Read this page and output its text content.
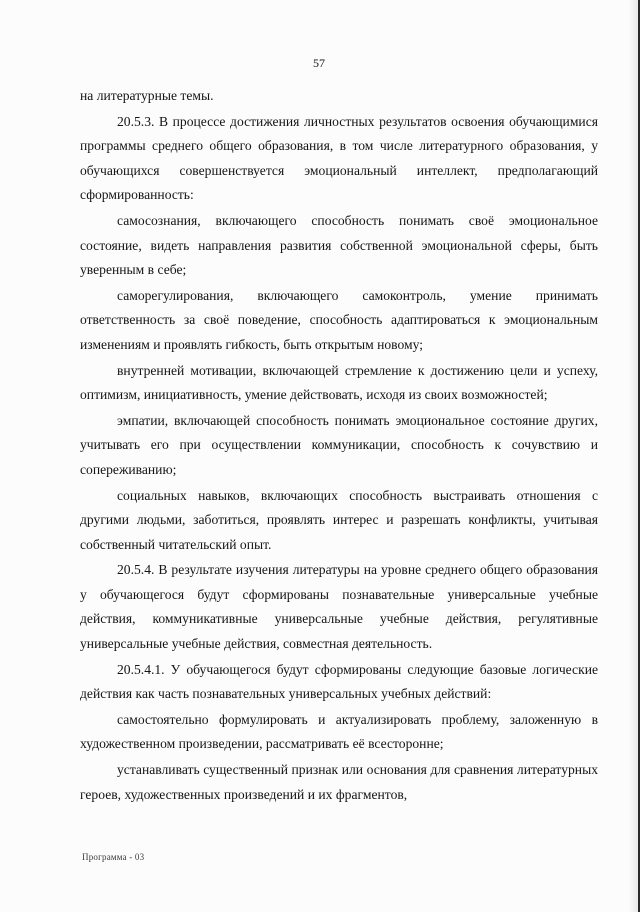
57

на литературные темы.

20.5.3. В процессе достижения личностных результатов освоения обучающимися программы среднего общего образования, в том числе литературного образования, у обучающихся совершенствуется эмоциональный интеллект, предполагающий сформированность:

самосознания, включающего способность понимать своё эмоциональное состояние, видеть направления развития собственной эмоциональной сферы, быть уверенным в себе;

саморегулирования, включающего самоконтроль, умение принимать ответственность за своё поведение, способность адаптироваться к эмоциональным изменениям и проявлять гибкость, быть открытым новому;

внутренней мотивации, включающей стремление к достижению цели и успеху, оптимизм, инициативность, умение действовать, исходя из своих возможностей;

эмпатии, включающей способность понимать эмоциональное состояние других, учитывать его при осуществлении коммуникации, способность к сочувствию и сопереживанию;

социальных навыков, включающих способность выстраивать отношения с другими людьми, заботиться, проявлять интерес и разрешать конфликты, учитывая собственный читательский опыт.

20.5.4. В результате изучения литературы на уровне среднего общего образования у обучающегося будут сформированы познавательные универсальные учебные действия, коммуникативные универсальные учебные действия, регулятивные универсальные учебные действия, совместная деятельность.

20.5.4.1. У обучающегося будут сформированы следующие базовые логические действия как часть познавательных универсальных учебных действий:

самостоятельно формулировать и актуализировать проблему, заложенную в художественном произведении, рассматривать её всесторонне;

устанавливать существенный признак или основания для сравнения литературных героев, художественных произведений и их фрагментов,

Программа - 03
